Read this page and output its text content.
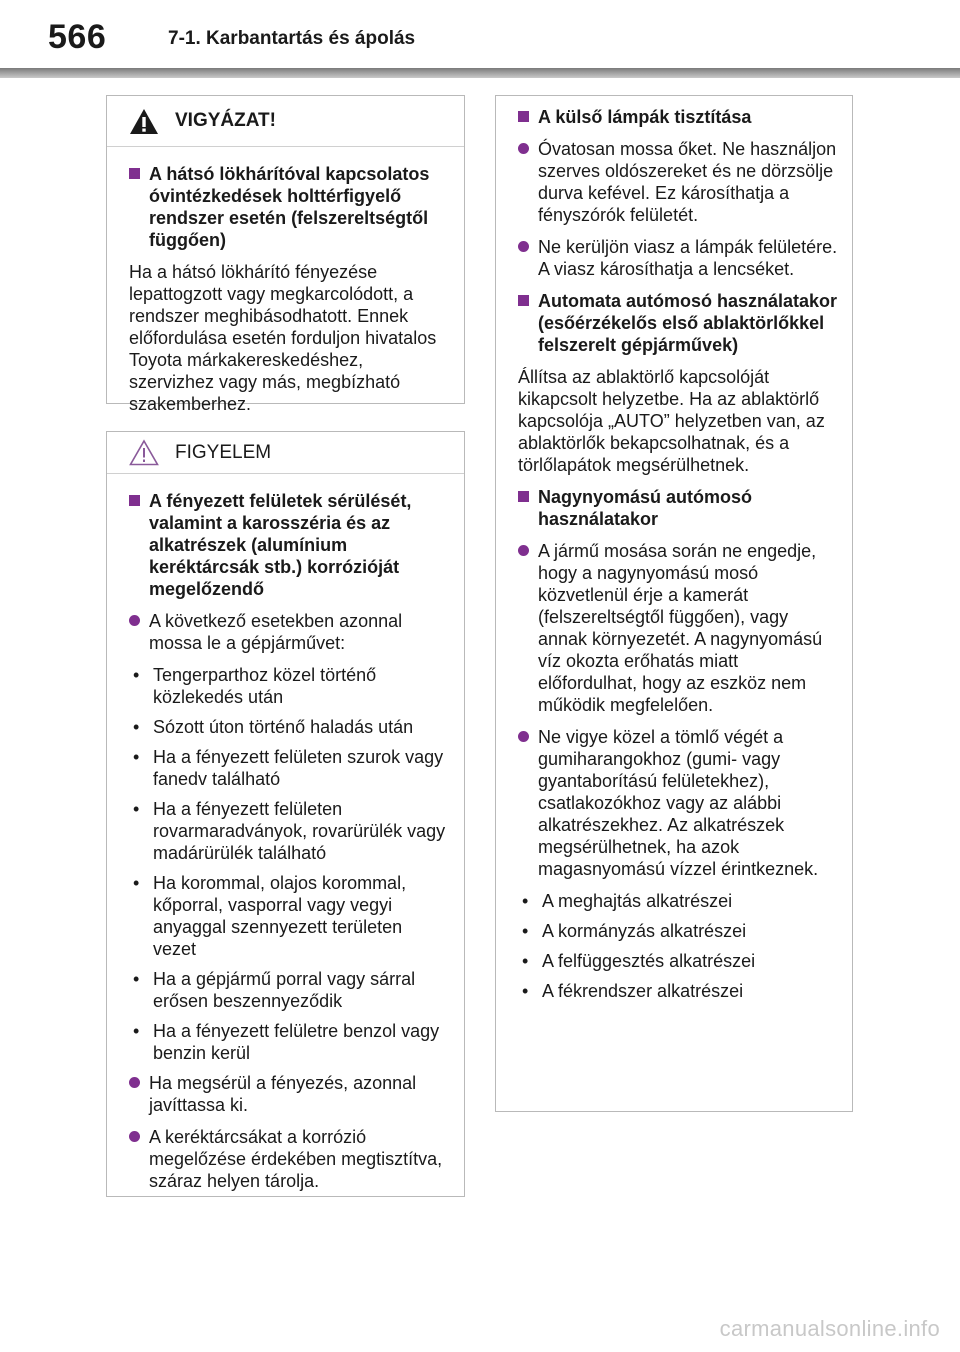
566	7-1. Karbantartás és ápolás
VIGYÁZAT!
A hátsó lökhárítóval kapcsolatos óvintézkedések holttérfigyelő rendszer esetén (felszereltségtől függően)
Ha a hátsó lökhárító fényezése lepattogzott vagy megkarcolódott, a rendszer meghibásodhatott. Ennek előfordulása esetén forduljon hivatalos Toyota márkakereskedéshez, szervizhez vagy más, megbízható szakemberhez.
FIGYELEM
A fényezett felületek sérülését, valamint a karosszéria és az alkatrészek (alumínium keréktárcsák stb.) korrózióját megelőzendő
A következő esetekben azonnal mossa le a gépjárművet:
• Tengerparthoz közel történő közlekedés után
• Sózott úton történő haladás után
• Ha a fényezett felületen szurok vagy fanedv található
• Ha a fényezett felületen rovarmaradványok, rovarürülék vagy madárürülék található
• Ha korommal, olajos korommal, kőporral, vasporral vagy vegyi anyaggal szennyezett területen vezet
• Ha a gépjármű porral vagy sárral erősen beszennyeződik
• Ha a fényezett felületre benzol vagy benzin kerül
Ha megsérül a fényezés, azonnal javíttassa ki.
A keréktárcsákat a korrózió megelőzése érdekében megtisztítva, száraz helyen tárolja.
A külső lámpák tisztítása
Óvatosan mossa őket. Ne használjon szerves oldószereket és ne dörzsölje durva kefével. Ez károsíthatja a fényszórók felületét.
Ne kerüljön viasz a lámpák felületére. A viasz károsíthatja a lencséket.
Automata autómosó használatakor (esőérzékelős első ablaktörlőkkel felszerelt gépjárművek)
Állítsa az ablaktörlő kapcsolóját kikapcsolt helyzetbe. Ha az ablaktörlő kapcsolója „AUTO” helyzetben van, az ablaktörlők bekapcsolhatnak, és a törlőlapátok megsérülhetnek.
Nagynyomású autómosó használatakor
A jármű mosása során ne engedje, hogy a nagynyomású mosó közvetlenül érje a kamerát (felszereltségtől függően), vagy annak környezetét. A nagynyomású víz okozta erőhatás miatt előfordulhat, hogy az eszköz nem működik megfelelően.
Ne vigye közel a tömlő végét a gumiharangokhoz (gumi- vagy gyantaborítású felületekhez), csatlakozókhoz vagy az alábbi alkatrészekhez. Az alkatrészek megsérülhetnek, ha azok magasnyomású vízzel érintkeznek.
• A meghajtás alkatrészei
• A kormányzás alkatrészei
• A felfüggesztés alkatrészei
• A fékrendszer alkatrészei
carmanualsonline.info
